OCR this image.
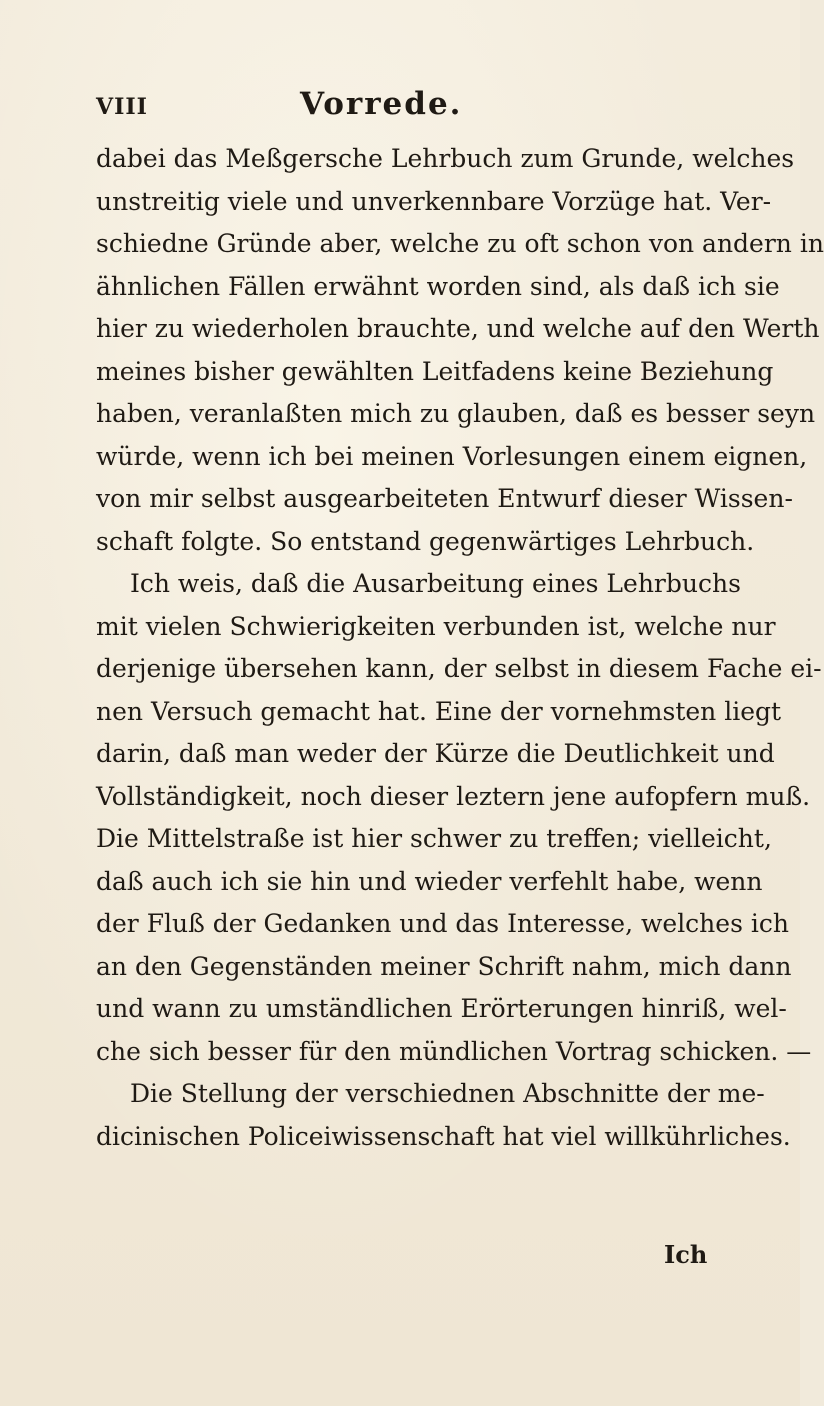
VIII	Vorrede.
dabei das Meßgersche Lehrbuch zum Grunde, welches
unstreitig viele und unverkennbare Vorzüge hat. Ver-
schiedne Gründe aber, welche zu oft schon von andern in
ähnlichen Fällen erwähnt worden sind, als daß ich sie
hier zu wiederholen brauchte, und welche auf den Werth
meines bisher gewählten Leitfadens keine Beziehung
haben, veranlaßten mich zu glauben, daß es besser seyn
würde, wenn ich bei meinen Vorlesungen einem eignen,
von mir selbst ausgearbeiteten Entwurf dieser Wissen-
schaft folgte. So entstand gegenwärtiges Lehrbuch.
Ich weis, daß die Ausarbeitung eines Lehrbuchs
mit vielen Schwierigkeiten verbunden ist, welche nur
derjenige übersehen kann, der selbst in diesem Fache ei-
nen Versuch gemacht hat. Eine der vornehmsten liegt
darin, daß man weder der Kürze die Deutlichkeit und
Vollständigkeit, noch dieser leztern jene aufopfern muß.
Die Mittelstraße ist hier schwer zu treffen; vielleicht,
daß auch ich sie hin und wieder verfehlt habe, wenn
der Fluß der Gedanken und das Interesse, welches ich
an den Gegenständen meiner Schrift nahm, mich dann
und wann zu umständlichen Erörterungen hinriß, wel-
che sich besser für den mündlichen Vortrag schicken. —
Die Stellung der verschiednen Abschnitte der me-
dicinischen Policeiwissenschaft hat viel willkührliches.
Ich
